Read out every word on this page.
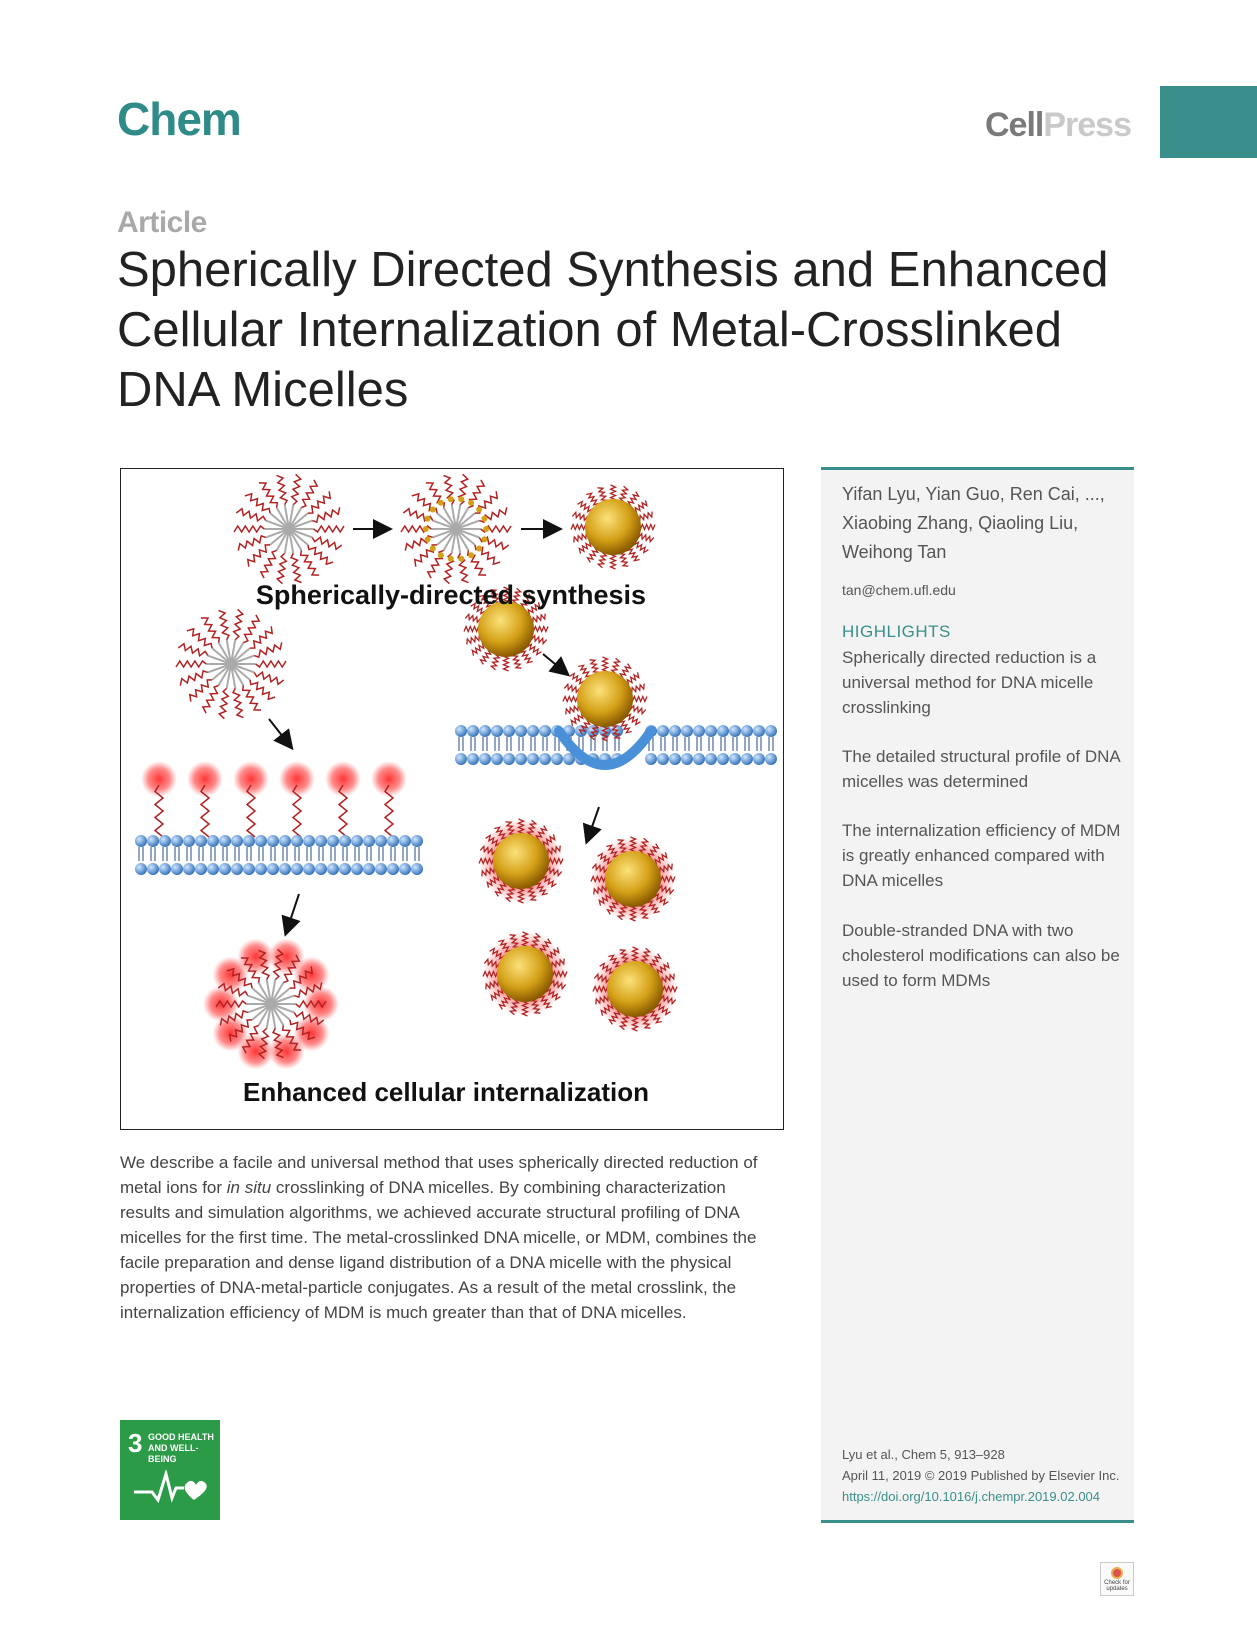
Chem	CellPress
Article
Spherically Directed Synthesis and Enhanced Cellular Internalization of Metal-Crosslinked DNA Micelles
Spherically-directed synthesis
Enhanced cellular internalization
We describe a facile and universal method that uses spherically directed reduction of metal ions for in situ crosslinking of DNA micelles. By combining characterization results and simulation algorithms, we achieved accurate structural profiling of DNA micelles for the first time. The metal-crosslinked DNA micelle, or MDM, combines the facile preparation and dense ligand distribution of a DNA micelle with the physical properties of DNA-metal-particle conjugates. As a result of the metal crosslink, the internalization efficiency of MDM is much greater than that of DNA micelles.
Yifan Lyu, Yian Guo, Ren Cai, ..., Xiaobing Zhang, Qiaoling Liu, Weihong Tan
tan@chem.ufl.edu
HIGHLIGHTS
Spherically directed reduction is a universal method for DNA micelle crosslinking
The detailed structural profile of DNA micelles was determined
The internalization efficiency of MDM is greatly enhanced compared with DNA micelles
Double-stranded DNA with two cholesterol modifications can also be used to form MDMs
Lyu et al., Chem 5, 913–928
April 11, 2019 © 2019 Published by Elsevier Inc.
https://doi.org/10.1016/j.chempr.2019.02.004
3 GOOD HEALTH
AND WELL-BEING
Check for
updates
